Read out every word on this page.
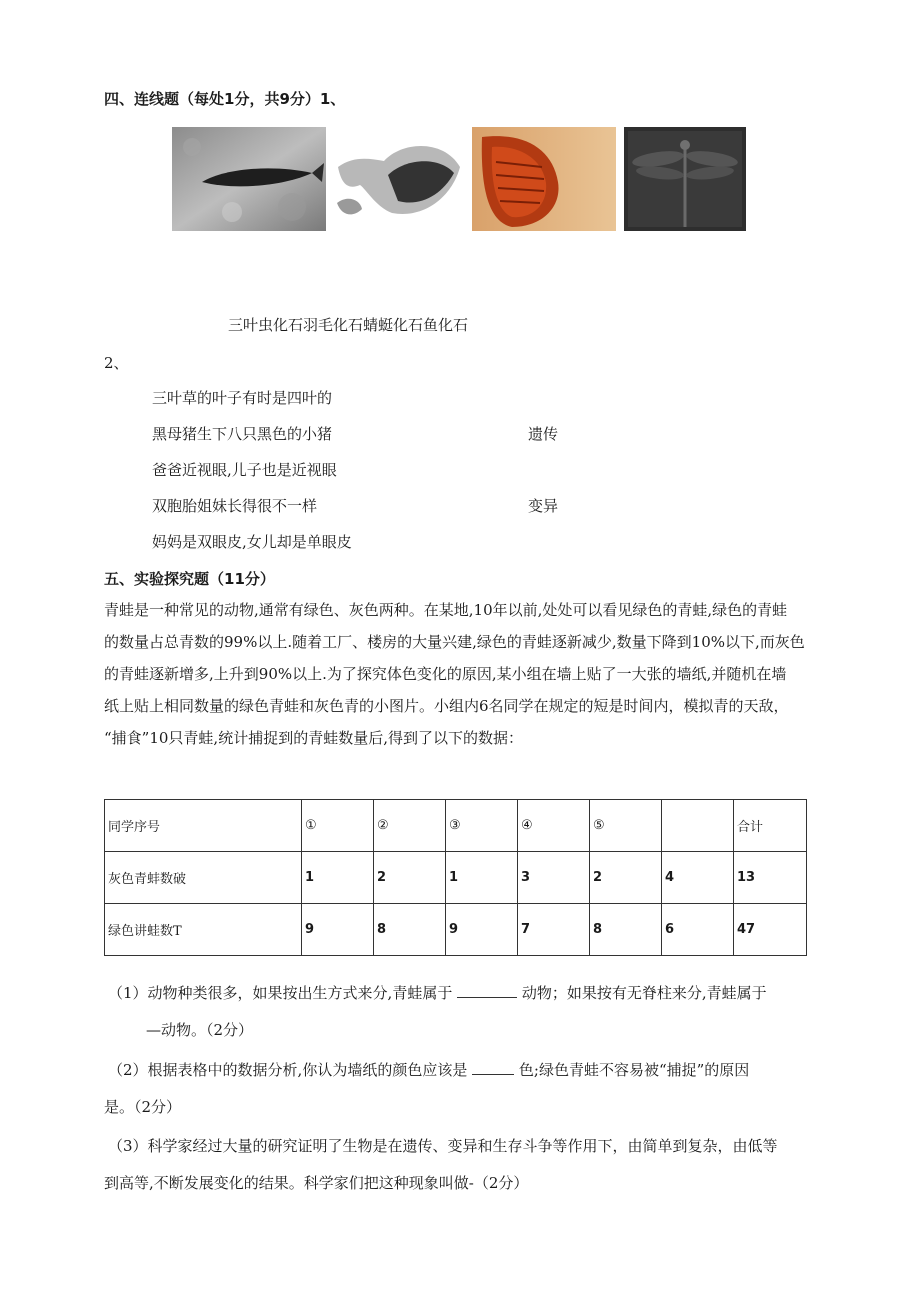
四、连线题（每处1分，共9分）1、
三叶虫化石羽毛化石蜻蜓化石鱼化石
2、
三叶草的叶子有时是四叶的
黑母猪生下八只黑色的小猪
爸爸近视眼,儿子也是近视眼
双胞胎姐妹长得很不一样
妈妈是双眼皮,女儿却是单眼皮
遗传
变异
五、实验探究题（11分）
青蛙是一种常见的动物,通常有绿色、灰色两种。在某地,10年以前,处处可以看见绿色的青蛙,绿色的青蛙
的数量占总青数的99%以上.随着工厂、楼房的大量兴建,绿色的青蛙逐新减少,数量下降到10%以下,而灰色
的青蛙逐新增多,上升到90%以上.为了探究体色变化的原因,某小组在墙上贴了一大张的墙纸,并随机在墙
纸上贴上相同数量的绿色青蛙和灰色青的小图片。小组内6名同学在规定的短是时间内，模拟青的天敌，
“捕食”10只青蛙,统计捕捉到的青蛙数量后,得到了以下的数据：
同学序号	①	②	③	④	⑤		合计
灰色青蚌数破	1	2	1	3	2	4	13
绿色讲蛙数T	9	8	9	7	8	6	47
（1）动物种类很多，如果按出生方式来分,青蛙属于	动物；如果按有无脊柱来分,青蛙属于
—动物。（2分）
（2）根据表格中的数据分析,你认为墙纸的颜色应该是	色;绿色青蛙不容易被“捕捉”的原因
是。（2分）
（3）科学家经过大量的研究证明了生物是在遗传、变异和生存斗争等作用下，由简单到复杂，由低等
到高等,不断发展变化的结果。科学家们把这种现象叫做-（2分）
